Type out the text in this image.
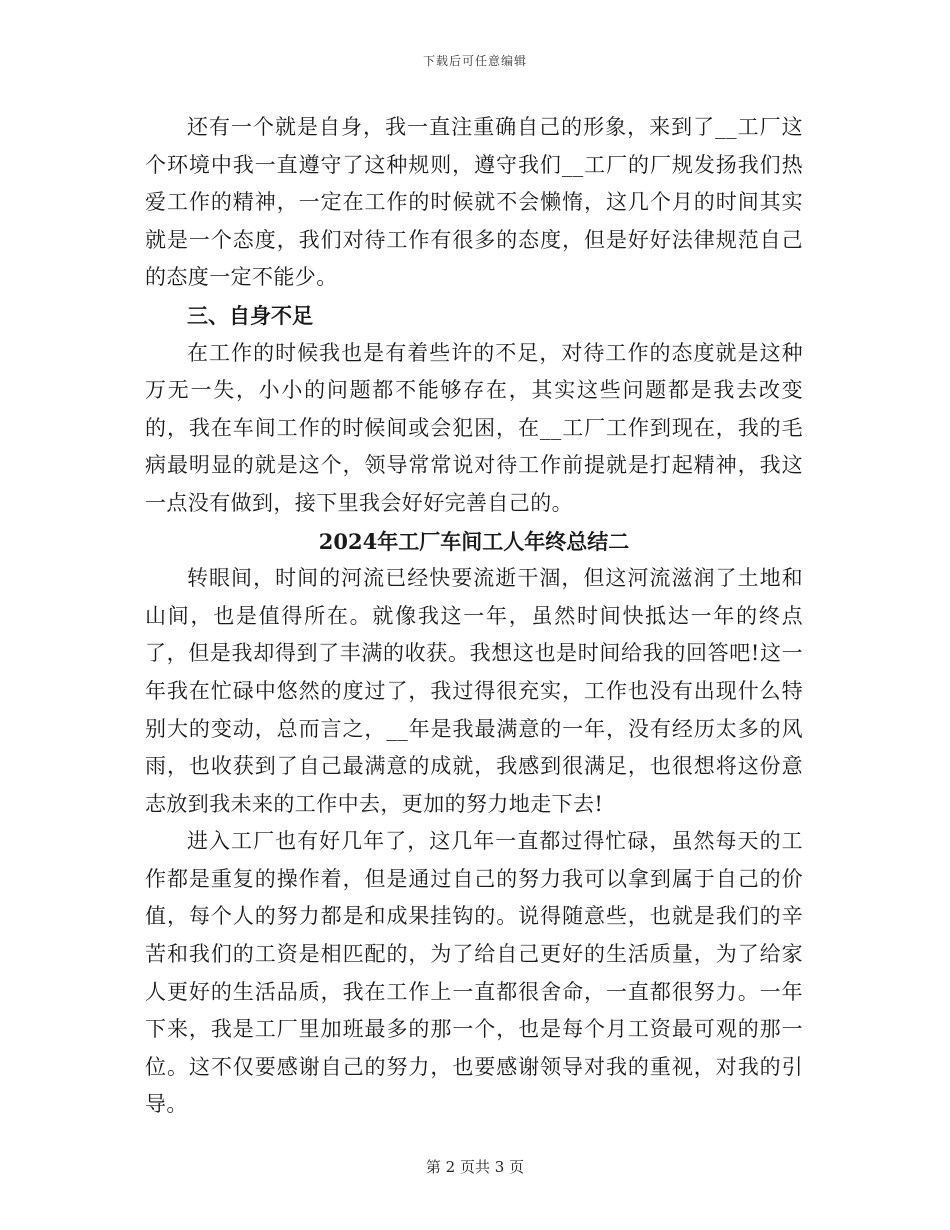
下载后可任意编辑

还有一个就是自身，我一直注重确自己的形象，来到了__工厂这个环境中我一直遵守了这种规则，遵守我们__工厂的厂规发扬我们热爱工作的精神，一定在工作的时候就不会懒惰，这几个月的时间其实就是一个态度，我们对待工作有很多的态度，但是好好法律规范自己的态度一定不能少。

三、自身不足

在工作的时候我也是有着些许的不足，对待工作的态度就是这种万无一失，小小的问题都不能够存在，其实这些问题都是我去改变的，我在车间工作的时候间或会犯困，在__工厂工作到现在，我的毛病最明显的就是这个，领导常常说对待工作前提就是打起精神，我这一点没有做到，接下里我会好好完善自己的。

2024年工厂车间工人年终总结二

转眼间，时间的河流已经快要流逝干涸，但这河流滋润了土地和山间，也是值得所在。就像我这一年，虽然时间快抵达一年的终点了，但是我却得到了丰满的收获。我想这也是时间给我的回答吧!这一年我在忙碌中悠然的度过了，我过得很充实，工作也没有出现什么特别大的变动，总而言之，__年是我最满意的一年，没有经历太多的风雨，也收获到了自己最满意的成就，我感到很满足，也很想将这份意志放到我未来的工作中去，更加的努力地走下去!

进入工厂也有好几年了，这几年一直都过得忙碌，虽然每天的工作都是重复的操作着，但是通过自己的努力我可以拿到属于自己的价值，每个人的努力都是和成果挂钩的。说得随意些，也就是我们的辛苦和我们的工资是相匹配的，为了给自己更好的生活质量，为了给家人更好的生活品质，我在工作上一直都很舍命，一直都很努力。一年下来，我是工厂里加班最多的那一个，也是每个月工资最可观的那一位。这不仅要感谢自己的努力，也要感谢领导对我的重视，对我的引导。

第 2 页共 3 页
